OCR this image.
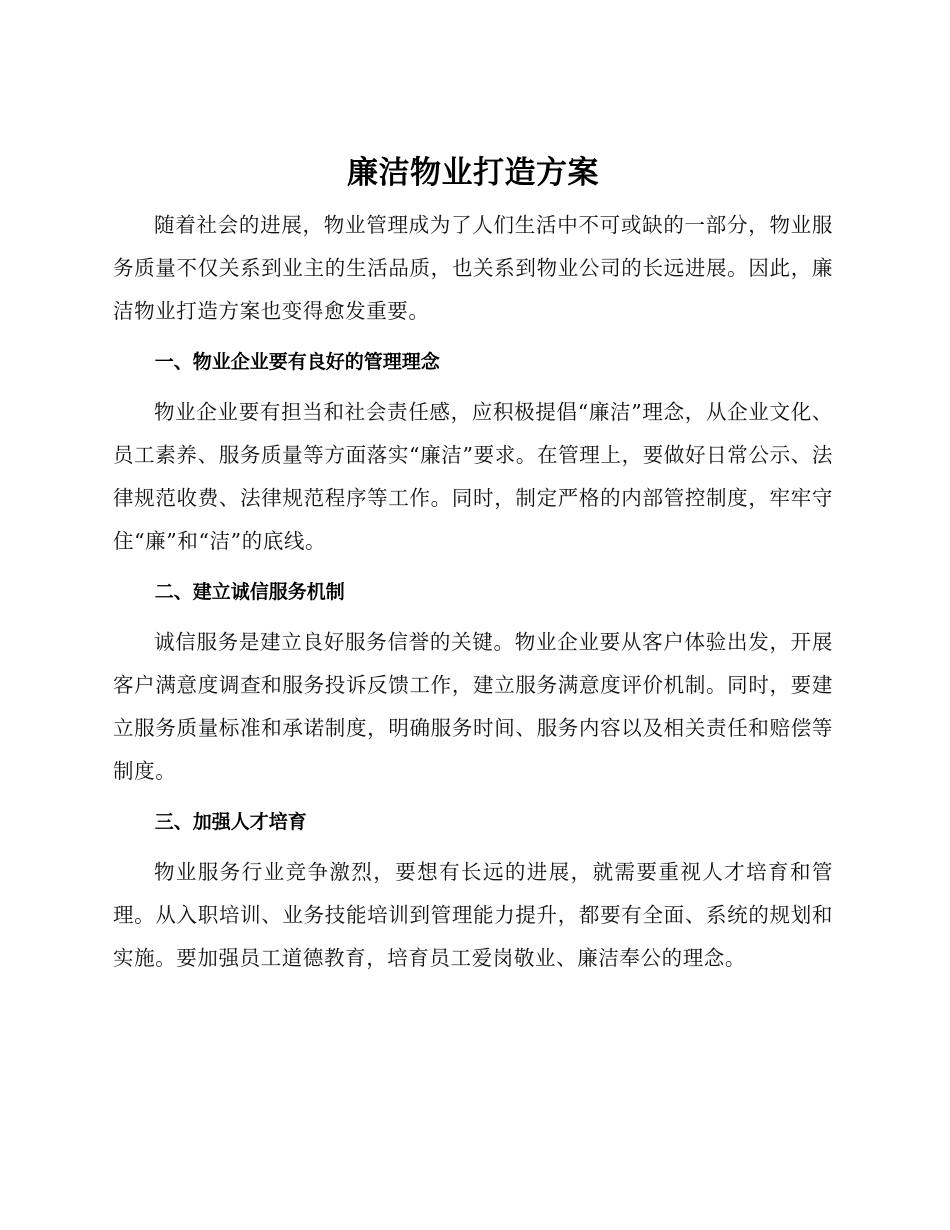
廉洁物业打造方案

随着社会的进展，物业管理成为了人们生活中不可或缺的一部分，物业服务质量不仅关系到业主的生活品质，也关系到物业公司的长远进展。因此，廉洁物业打造方案也变得愈发重要。

一、物业企业要有良好的管理理念

物业企业要有担当和社会责任感，应积极提倡“廉洁”理念，从企业文化、员工素养、服务质量等方面落实“廉洁”要求。在管理上，要做好日常公示、法律规范收费、法律规范程序等工作。同时，制定严格的内部管控制度，牢牢守住“廉”和“洁”的底线。

二、建立诚信服务机制

诚信服务是建立良好服务信誉的关键。物业企业要从客户体验出发，开展客户满意度调查和服务投诉反馈工作，建立服务满意度评价机制。同时，要建立服务质量标准和承诺制度，明确服务时间、服务内容以及相关责任和赔偿等制度。

三、加强人才培育

物业服务行业竞争激烈，要想有长远的进展，就需要重视人才培育和管理。从入职培训、业务技能培训到管理能力提升，都要有全面、系统的规划和实施。要加强员工道德教育，培育员工爱岗敬业、廉洁奉公的理念。
